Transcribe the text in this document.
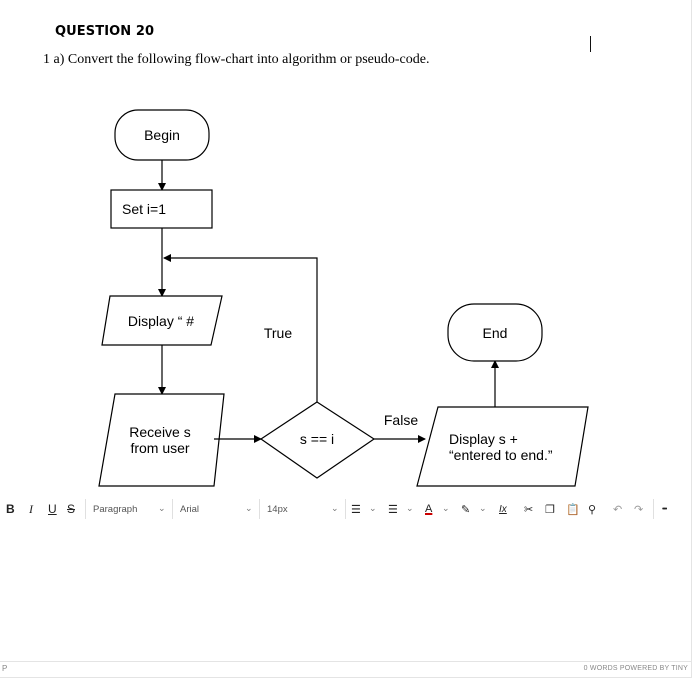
QUESTION 20
1 a) Convert the following flow-chart into algorithm or pseudo-code.
Begin
Set i=1
Display “ #
Receive s
from user
s == i
True
False
Display s +
“entered to end.”
End
B I U S Paragraph ⌄ Arial	⌄ 14px	⌄ ☰ ⌄ ☰ ⌄ A ⌄ ✎ ⌄ Ix ✂ ❐ 📋 ⚲ ↶ ↷	•••
P	0 WORDS POWERED BY TINY
